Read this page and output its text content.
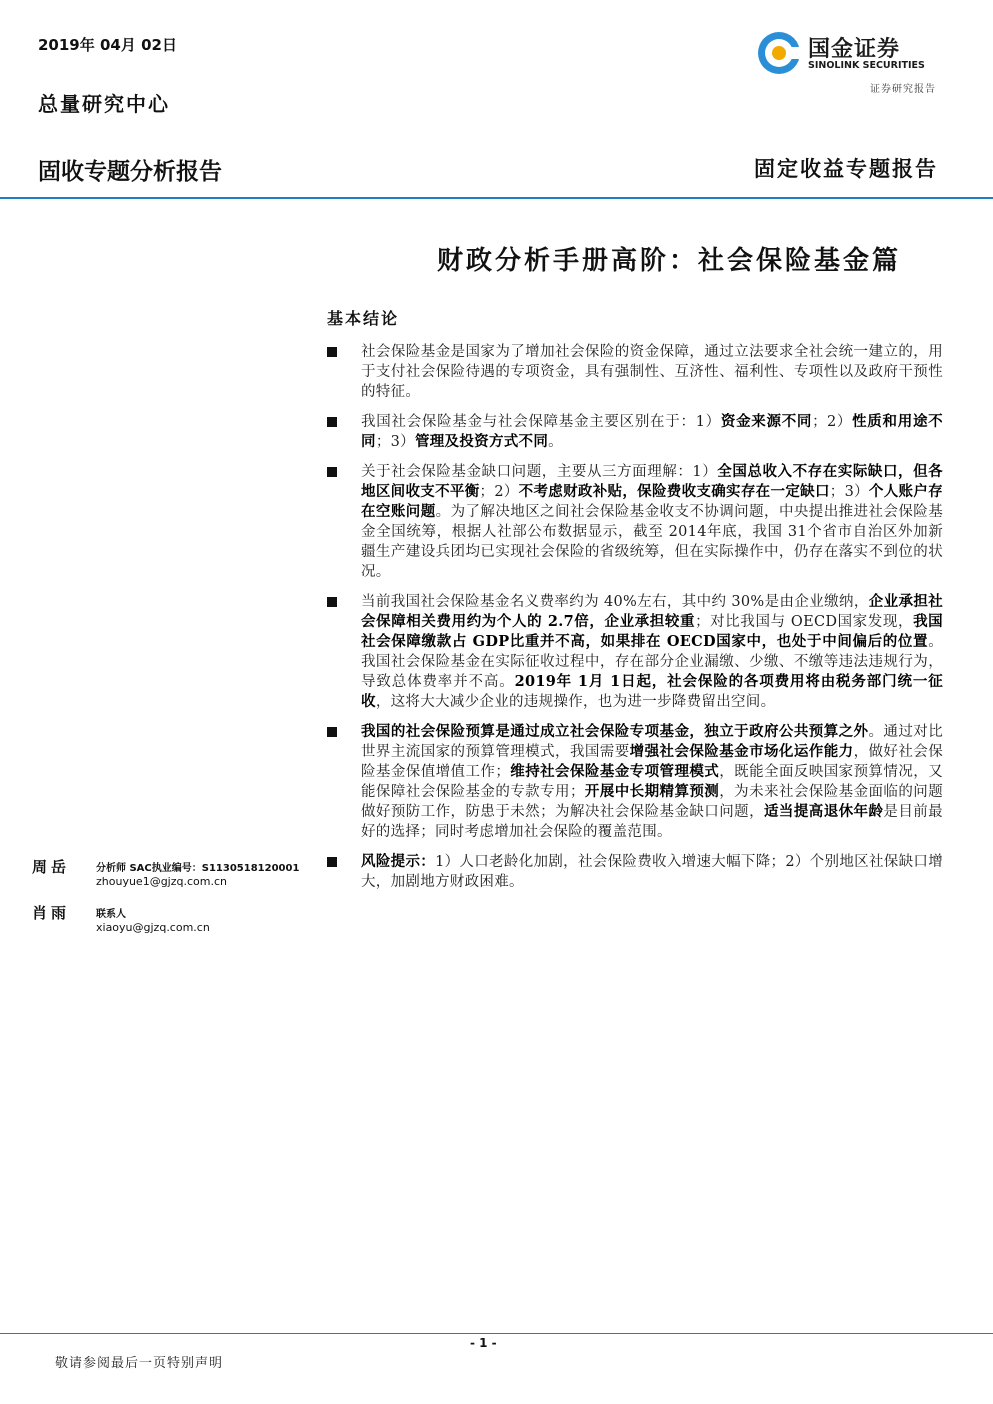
2019年 04月 02日
总量研究中心
国金证券
SINOLINK SECURITIES
证券研究报告
固收专题分析报告	固定收益专题报告
财政分析手册高阶：社会保险基金篇
基本结论
社会保险基金是国家为了增加社会保险的资金保障，通过立法要求全社会统一建立的，用于支付社会保险待遇的专项资金，具有强制性、互济性、福利性、专项性以及政府干预性的特征。
我国社会保险基金与社会保障基金主要区别在于：1）资金来源不同；2）性质和用途不同；3）管理及投资方式不同。
关于社会保险基金缺口问题，主要从三方面理解：1）全国总收入不存在实际缺口，但各地区间收支不平衡；2）不考虑财政补贴，保险费收支确实存在一定缺口；3）个人账户存在空账问题。为了解决地区之间社会保险基金收支不协调问题，中央提出推进社会保险基金全国统筹，根据人社部公布数据显示，截至 2014年底，我国 31个省市自治区外加新疆生产建设兵团均已实现社会保险的省级统筹，但在实际操作中，仍存在落实不到位的状况。
当前我国社会保险基金名义费率约为 40%左右，其中约 30%是由企业缴纳，企业承担社会保障相关费用约为个人的 2.7倍，企业承担较重；对比我国与 OECD国家发现，我国社会保障缴款占 GDP比重并不高，如果排在 OECD国家中，也处于中间偏后的位置。我国社会保险基金在实际征收过程中，存在部分企业漏缴、少缴、不缴等违法违规行为，导致总体费率并不高。2019年 1月 1日起，社会保险的各项费用将由税务部门统一征收，这将大大减少企业的违规操作，也为进一步降费留出空间。
我国的社会保险预算是通过成立社会保险专项基金，独立于政府公共预算之外。通过对比世界主流国家的预算管理模式，我国需要增强社会保险基金市场化运作能力，做好社会保险基金保值增值工作；维持社会保险基金专项管理模式，既能全面反映国家预算情况，又能保障社会保险基金的专款专用；开展中长期精算预测，为未来社会保险基金面临的问题做好预防工作，防患于未然；为解决社会保险基金缺口问题，适当提高退休年龄是目前最好的选择；同时考虑增加社会保险的覆盖范围。
风险提示：1）人口老龄化加剧，社会保险费收入增速大幅下降；2）个别地区社保缺口增大，加剧地方财政困难。
周岳	分析师 SAC执业编号：S1130518120001
zhouyue1@gjzq.com.cn
肖雨	联系人
xiaoyu@gjzq.com.cn
- 1 -
敬请参阅最后一页特别声明
